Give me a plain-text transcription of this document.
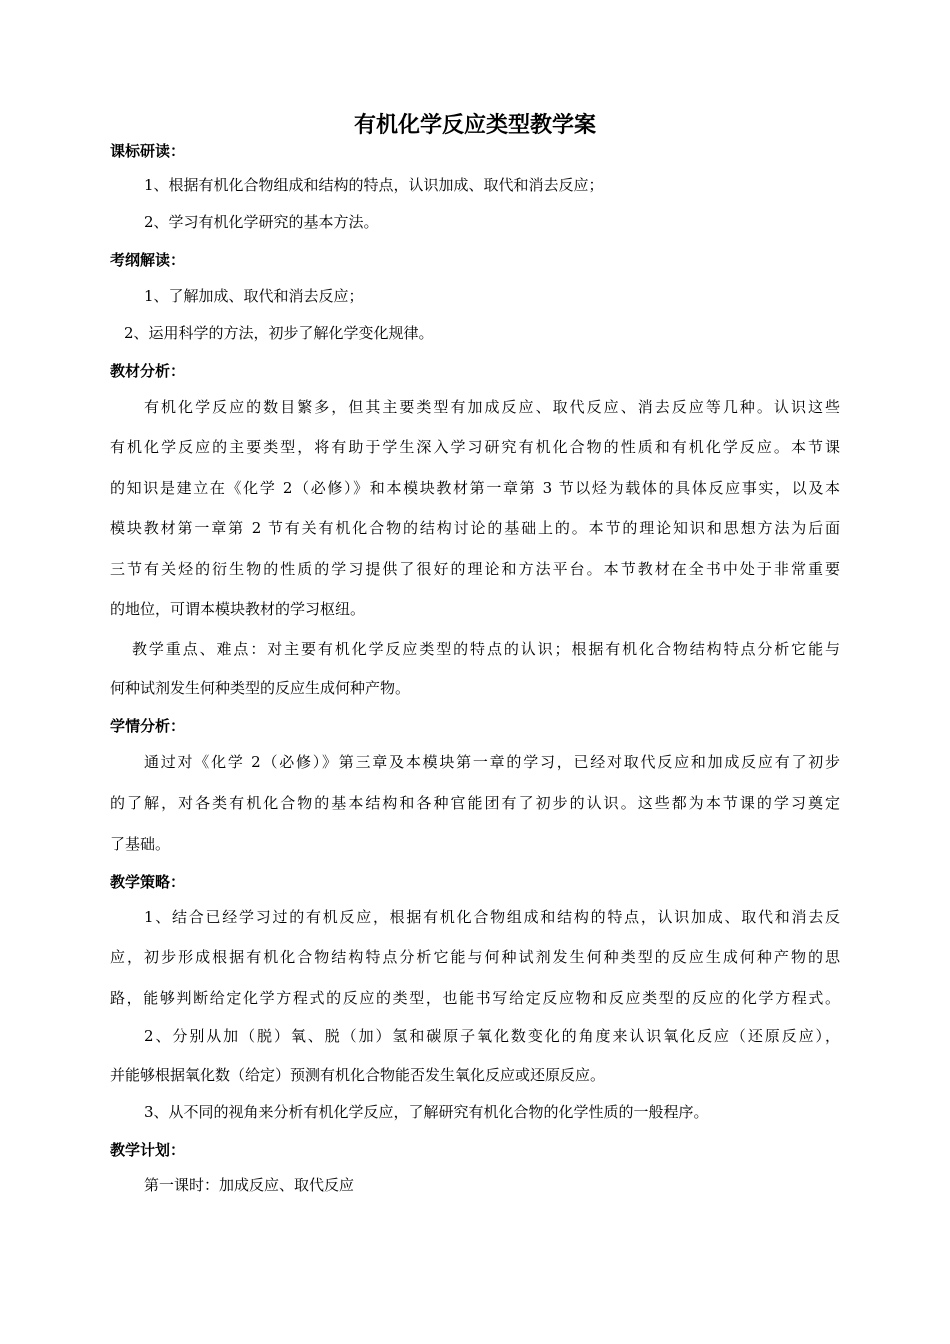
有机化学反应类型教学案
课标研读：
1、根据有机化合物组成和结构的特点，认识加成、取代和消去反应；
2、学习有机化学研究的基本方法。
考纲解读：
1、了解加成、取代和消去反应；
2、运用科学的方法，初步了解化学变化规律。
教材分析：
有机化学反应的数目繁多，但其主要类型有加成反应、取代反应、消去反应等几种。认识这些
有机化学反应的主要类型，将有助于学生深入学习研究有机化合物的性质和有机化学反应。本节课
的知识是建立在《化学 2（必修）》和本模块教材第一章第 3 节以烃为载体的具体反应事实，以及本
模块教材第一章第 2 节有关有机化合物的结构讨论的基础上的。本节的理论知识和思想方法为后面
三节有关烃的衍生物的性质的学习提供了很好的理论和方法平台。本节教材在全书中处于非常重要
的地位，可谓本模块教材的学习枢纽。
教学重点、难点：对主要有机化学反应类型的特点的认识；根据有机化合物结构特点分析它能与
何种试剂发生何种类型的反应生成何种产物。
学情分析：
通过对《化学 2（必修）》第三章及本模块第一章的学习，已经对取代反应和加成反应有了初步
的了解，对各类有机化合物的基本结构和各种官能团有了初步的认识。这些都为本节课的学习奠定
了基础。
教学策略：
1、结合已经学习过的有机反应，根据有机化合物组成和结构的特点，认识加成、取代和消去反
应，初步形成根据有机化合物结构特点分析它能与何种试剂发生何种类型的反应生成何种产物的思
路，能够判断给定化学方程式的反应的类型，也能书写给定反应物和反应类型的反应的化学方程式。
2、分别从加（脱）氧、脱（加）氢和碳原子氧化数变化的角度来认识氧化反应（还原反应），
并能够根据氧化数（给定）预测有机化合物能否发生氧化反应或还原反应。
3、从不同的视角来分析有机化学反应，了解研究有机化合物的化学性质的一般程序。
教学计划：
第一课时：加成反应、取代反应
